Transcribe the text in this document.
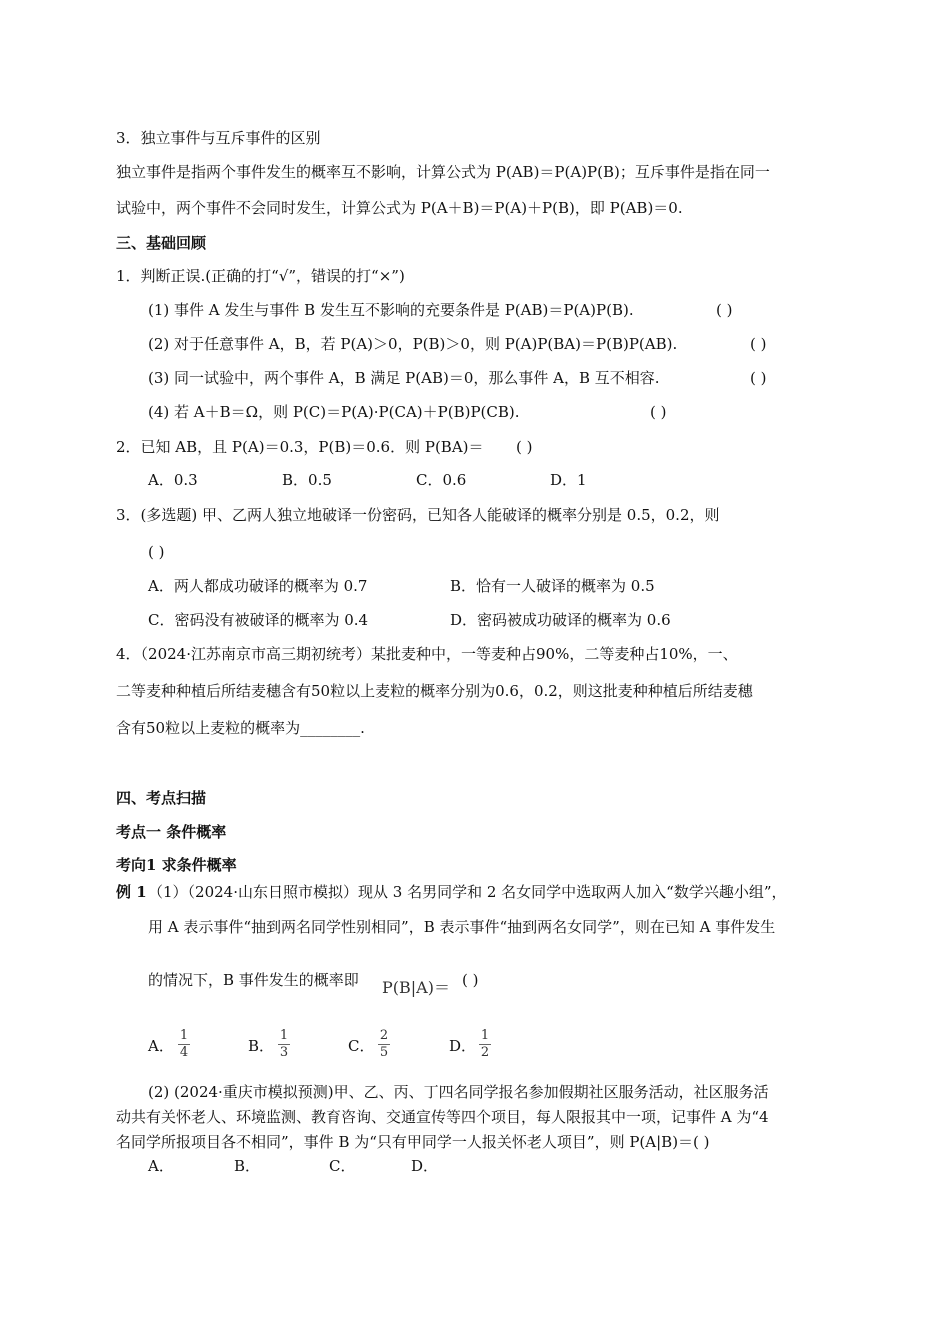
3．独立事件与互斥事件的区别
独立事件是指两个事件发生的概率互不影响，计算公式为 P(AB)＝P(A)P(B)；互斥事件是指在同一
试验中，两个事件不会同时发生，计算公式为 P(A＋B)＝P(A)＋P(B)，即 P(AB)＝0.
三、基础回顾
1．判断正误.(正确的打“√”，错误的打“×”)
(1) 事件 A 发生与事件 B 发生互不影响的充要条件是 P(AB)＝P(A)P(B).	( )
(2) 对于任意事件 A，B，若 P(A)＞0，P(B)＞0，则 P(A)P(BA)＝P(B)P(AB).	( )
(3) 同一试验中，两个事件 A，B 满足 P(AB)＝0，那么事件 A，B 互不相容.	( )
(4) 若 A＋B＝Ω，则 P(C)＝P(A)·P(CA)＋P(B)P(CB).	( )
2．已知 AB，且 P(A)＝0.3，P(B)＝0.6．则 P(BA)＝ ( )
A．0.3	B．0.5	C．0.6	D．1
3．(多选题) 甲、乙两人独立地破译一份密码，已知各人能破译的概率分别是 0.5，0.2，则
( )
A．两人都成功破译的概率为 0.7	B．恰有一人破译的概率为 0.5
C．密码没有被破译的概率为 0.4	D．密码被成功破译的概率为 0.6
4．（2024·江苏南京市高三期初统考）某批麦种中，一等麦种占90%，二等麦种占10%，一、
二等麦种种植后所结麦穗含有50粒以上麦粒的概率分别为0.6，0.2，则这批麦种种植后所结麦穗
含有50粒以上麦粒的概率为________.
四、考点扫描
考点一 条件概率
考向1 求条件概率
例 1 （1）（2024·山东日照市模拟）现从 3 名男同学和 2 名女同学中选取两人加入“数学兴趣小组”，
用 A 表示事件“抽到两名同学性别相同”，B 表示事件“抽到两名女同学”，则在已知 A 事件发生
的情况下，B 事件发生的概率即 P(B|A)＝ ( )
A．
1
4	B．
1
3	C．
2
5	D．
1
2
(2) (2024·重庆市模拟预测)甲、乙、丙、丁四名同学报名参加假期社区服务活动，社区服务活
动共有关怀老人、环境监测、教育咨询、交通宣传等四个项目，每人限报其中一项，记事件 A 为“4
名同学所报项目各不相同”，事件 B 为“只有甲同学一人报关怀老人项目”，则 P(A|B)＝( )
A．	B．	C．	D．
